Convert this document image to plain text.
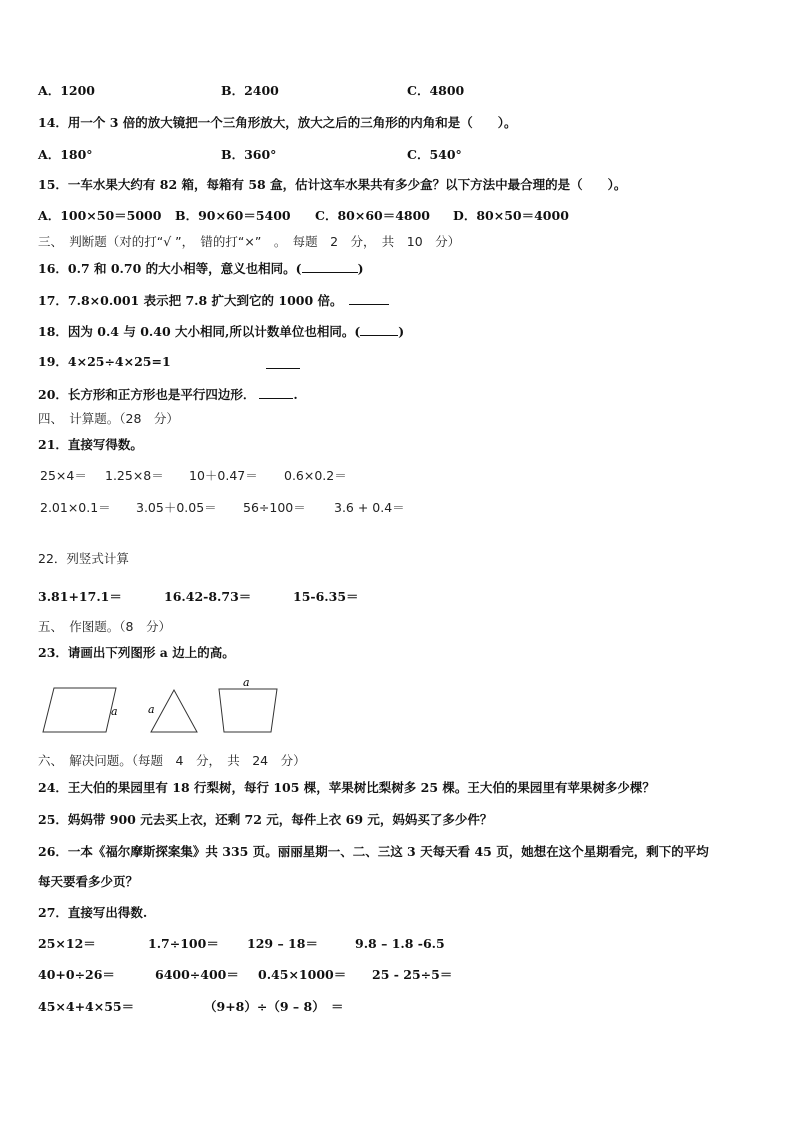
A．1200	B．2400	C．4800
14．用一个 3 倍的放大镜把一个三角形放大，放大之后的三角形的内角和是（　　）。
A．180°	B．360°	C．540°
15．一车水果大约有 82 箱，每箱有 58 盒，估计这车水果共有多少盒？以下方法中最合理的是（　　）。
A．100×50＝5000 B．90×60＝5400 C．80×60＝4800 D．80×50＝4000
三、　判断题（对的打“√ ”，　错的打“×”　。　每题　2　分，　共　10　分）
16．0.7 和 0.70 的大小相等，意义也相同。(	)
17．7.8×0.001 表示把 7.8 扩大到它的 1000 倍。
18．因为 0.4 与 0.40 大小相同,所以计数单位也相同。(	)
19．4×25÷4×25=1
20．长方形和正方形也是平行四边形．	.
四、　计算题。（28　分）
21．直接写得数。
25×4＝ 1.25×8＝ 10＋0.47＝ 0.6×0.2＝
2.01×0.1＝ 3.05＋0.05＝ 56÷100＝ 3.6 + 0.4＝
22．列竖式计算
3.81+17.1＝	16.42-8.73＝	15-6.35＝
五、　作图题。（8　分）
23．请画出下列图形 a 边上的高。
a	a
a
六、　解决问题。（每题　4　分，　共　24　分）
24．王大伯的果园里有 18 行梨树，每行 105 棵，苹果树比梨树多 25 棵。王大伯的果园里有苹果树多少棵？
25．妈妈带 900 元去买上衣，还剩 72 元，每件上衣 69 元，妈妈买了多少件？
26．一本《福尔摩斯探案集》共 335 页。丽丽星期一、二、三这 3 天每天看 45 页，她想在这个星期看完，剩下的平均
每天要看多少页？
27．直接写出得数.
25×12＝	1.7÷100＝ 129 – 18＝	9.8 – 1.8 -6.5
40+0÷26＝	6400÷400＝ 0.45×1000＝ 25 - 25÷5＝
45×4+4×55＝	（9+8）÷（9 – 8）　＝
